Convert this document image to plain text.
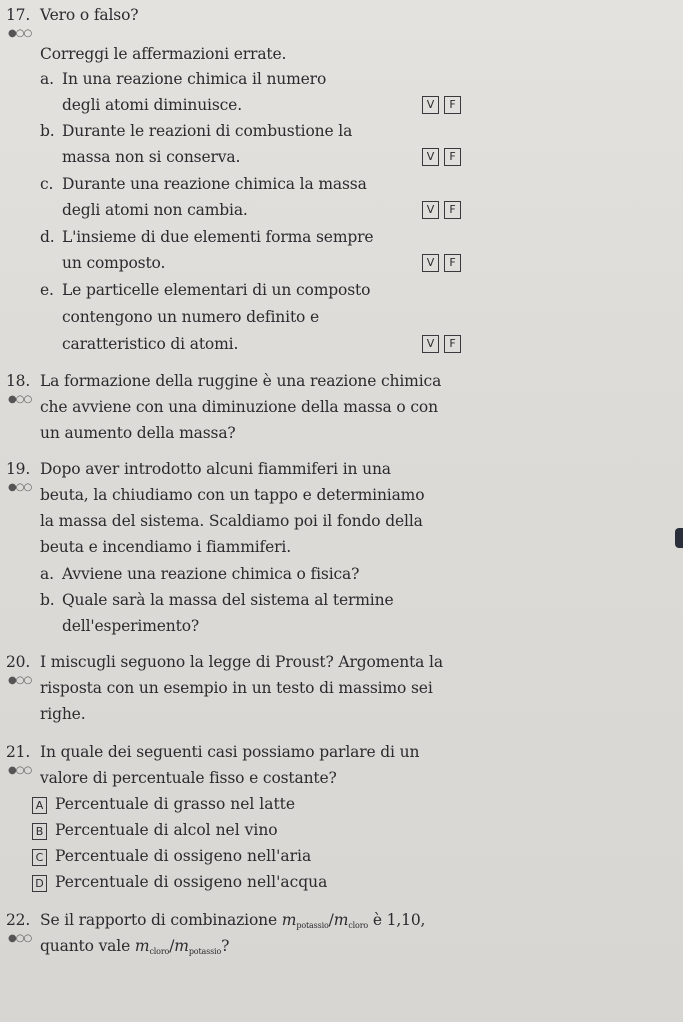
17. Vero o falso?
●○○
Correggi le affermazioni errate.
a. In una reazione chimica il numero
degli atomi diminuisce.	V	F
b. Durante le reazioni di combustione la
massa non si conserva.	V	F
c. Durante una reazione chimica la massa
degli atomi non cambia.	V	F
d. L'insieme di due elementi forma sempre
un composto.	V	F
e. Le particelle elementari di un composto
contengono un numero definito e
caratteristico di atomi.	V	F
18. La formazione della ruggine è una reazione chimica
●○○ che avviene con una diminuzione della massa o con
un aumento della massa?
19. Dopo aver introdotto alcuni fiammiferi in una
●○○ beuta, la chiudiamo con un tappo e determiniamo
la massa del sistema. Scaldiamo poi il fondo della
beuta e incendiamo i fiammiferi.
a. Avviene una reazione chimica o fisica?
b. Quale sarà la massa del sistema al termine
dell'esperimento?
20. I miscugli seguono la legge di Proust? Argomenta la
●○○ risposta con un esempio in un testo di massimo sei
righe.
21. In quale dei seguenti casi possiamo parlare di un
●○○ valore di percentuale fisso e costante?
A Percentuale di grasso nel latte
B Percentuale di alcol nel vino
C Percentuale di ossigeno nell'aria
D Percentuale di ossigeno nell'acqua
22. Se il rapporto di combinazione $m_{potassio}/m_{cloro}$ è 1,10,
●○○ quanto vale $m_{cloro}/m_{potassio}$?
